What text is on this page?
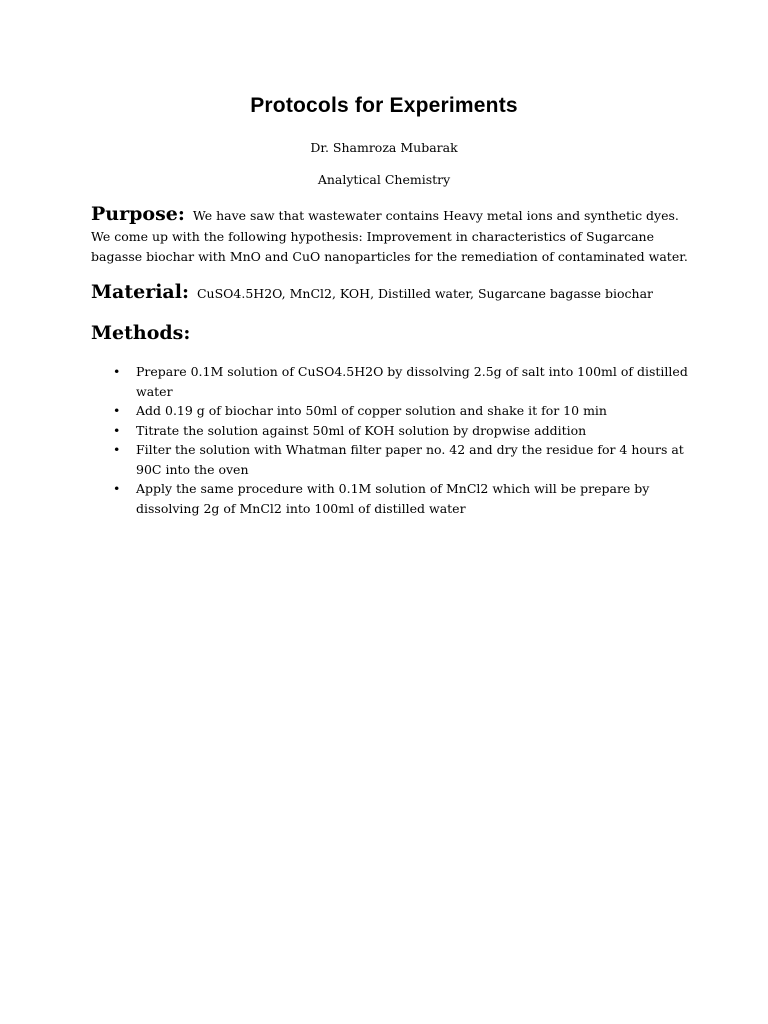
Protocols for Experiments
Dr. Shamroza Mubarak
Analytical Chemistry
Purpose: We have saw that wastewater contains Heavy metal ions and synthetic dyes. We come up with the following hypothesis: Improvement in characteristics of Sugarcane bagasse biochar with MnO and CuO nanoparticles for the remediation of contaminated water.
Material: CuSO4.5H2O, MnCl2, KOH, Distilled water, Sugarcane bagasse biochar
Methods:
• Prepare 0.1M solution of CuSO4.5H2O by dissolving 2.5g of salt into 100ml of distilled water
• Add 0.19 g of biochar into 50ml of copper solution and shake it for 10 min
• Titrate the solution against 50ml of KOH solution by dropwise addition
• Filter the solution with Whatman filter paper no. 42 and dry the residue for 4 hours at 90C into the oven
• Apply the same procedure with 0.1M solution of MnCl2 which will be prepare by dissolving 2g of MnCl2 into 100ml of distilled water
